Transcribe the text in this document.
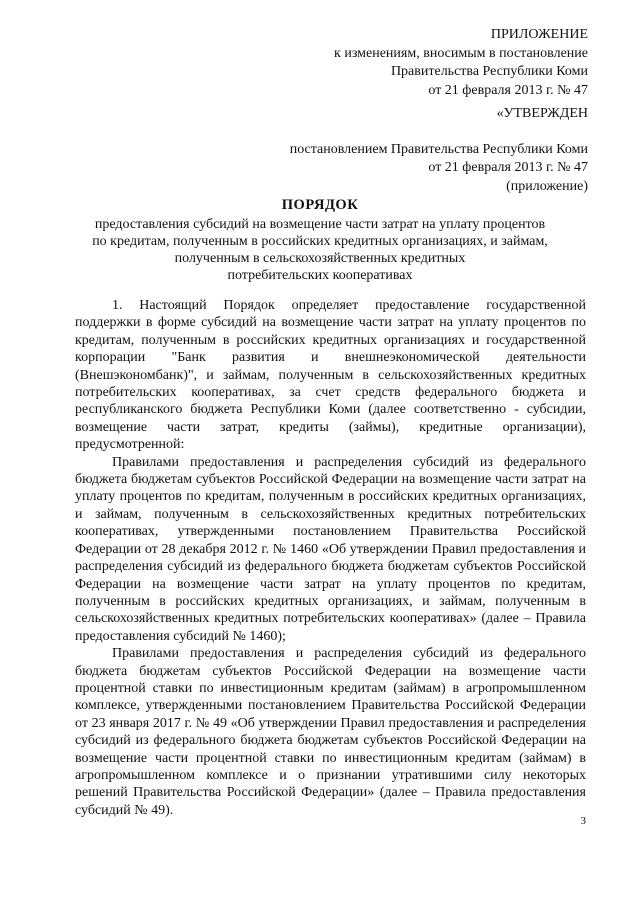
ПРИЛОЖЕНИЕ
к изменениям, вносимым в постановление
Правительства Республики Коми
от 21 февраля 2013 г. № 47
«УТВЕРЖДЕН
постановлением Правительства Республики Коми
от 21 февраля 2013 г. № 47
(приложение)
ПОРЯДОК
предоставления субсидий на возмещение части затрат на уплату процентов
по кредитам, полученным в российских кредитных организациях, и займам,
полученным в сельскохозяйственных кредитных
потребительских кооперативах

1. Настоящий Порядок определяет предоставление государственной поддержки в форме субсидий на возмещение части затрат на уплату процентов по кредитам, полученным в российских кредитных организациях и государственной корпорации "Банк развития и внешнеэкономической деятельности (Внешэкономбанк)", и займам, полученным в сельскохозяйственных кредитных потребительских кооперативах, за счет средств федерального бюджета и республиканского бюджета Республики Коми (далее соответственно - субсидии, возмещение части затрат, кредиты (займы), кредитные организации), предусмотренной:

Правилами предоставления и распределения субсидий из федерального бюджета бюджетам субъектов Российской Федерации на возмещение части затрат на уплату процентов по кредитам, полученным в российских кредитных организациях, и займам, полученным в сельскохозяйственных кредитных потребительских кооперативах, утвержденными постановлением Правительства Российской Федерации от 28 декабря 2012 г. № 1460 «Об утверждении Правил предоставления и распределения субсидий из федерального бюджета бюджетам субъектов Российской Федерации на возмещение части затрат на уплату процентов по кредитам, полученным в российских кредитных организациях, и займам, полученным в сельскохозяйственных кредитных потребительских кооперативах» (далее – Правила предоставления субсидий № 1460);

Правилами предоставления и распределения субсидий из федерального бюджета бюджетам субъектов Российской Федерации на возмещение части процентной ставки по инвестиционным кредитам (займам) в агропромышленном комплексе, утвержденными постановлением Правительства Российской Федерации от 23 января 2017 г. № 49 «Об утверждении Правил предоставления и распределения субсидий из федерального бюджета бюджетам субъектов Российской Федерации на возмещение части процентной ставки по инвестиционным кредитам (займам) в агропромышленном комплексе и о признании утратившими силу некоторых решений Правительства Российской Федерации» (далее – Правила предоставления субсидий № 49).

3
